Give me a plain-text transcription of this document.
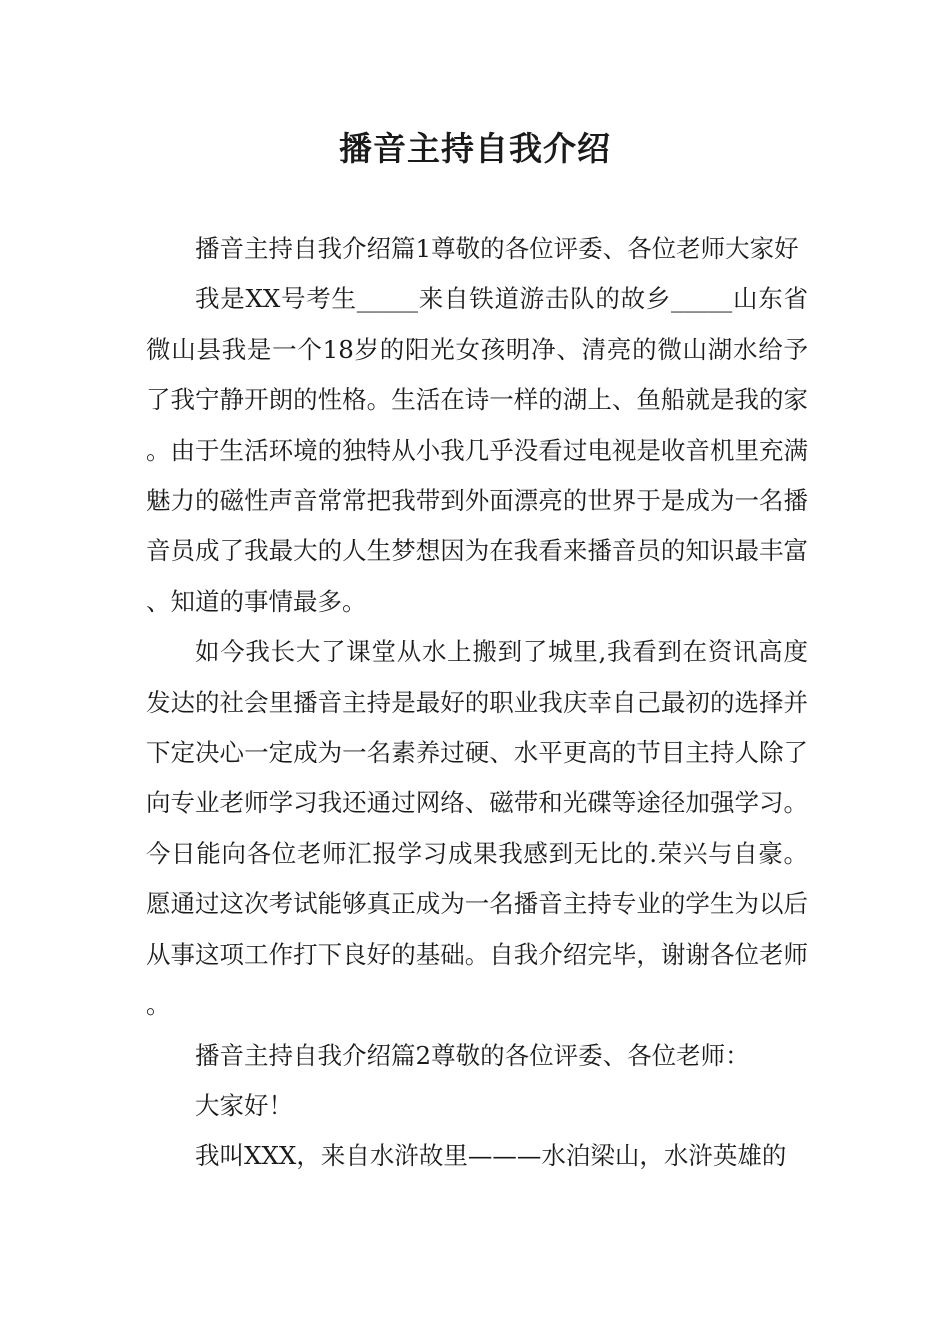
播音主持自我介绍

播音主持自我介绍篇1尊敬的各位评委、各位老师大家好

我是XX号考生_____来自铁道游击队的故乡_____山东省微山县我是一个18岁的阳光女孩明净、清亮的微山湖水给予了我宁静开朗的性格。生活在诗一样的湖上、鱼船就是我的家。由于生活环境的独特从小我几乎没看过电视是收音机里充满魅力的磁性声音常常把我带到外面漂亮的世界于是成为一名播音员成了我最大的人生梦想因为在我看来播音员的知识最丰富、知道的事情最多。

如今我长大了课堂从水上搬到了城里,我看到在资讯高度发达的社会里播音主持是最好的职业我庆幸自己最初的选择并下定决心一定成为一名素养过硬、水平更高的节目主持人除了向专业老师学习我还通过网络、磁带和光碟等途径加强学习。今日能向各位老师汇报学习成果我感到无比的.荣兴与自豪。愿通过这次考试能够真正成为一名播音主持专业的学生为以后从事这项工作打下良好的基础。自我介绍完毕，谢谢各位老师。

播音主持自我介绍篇2尊敬的各位评委、各位老师：

大家好！

我叫XXX，来自水浒故里———水泊梁山，水浒英雄的
